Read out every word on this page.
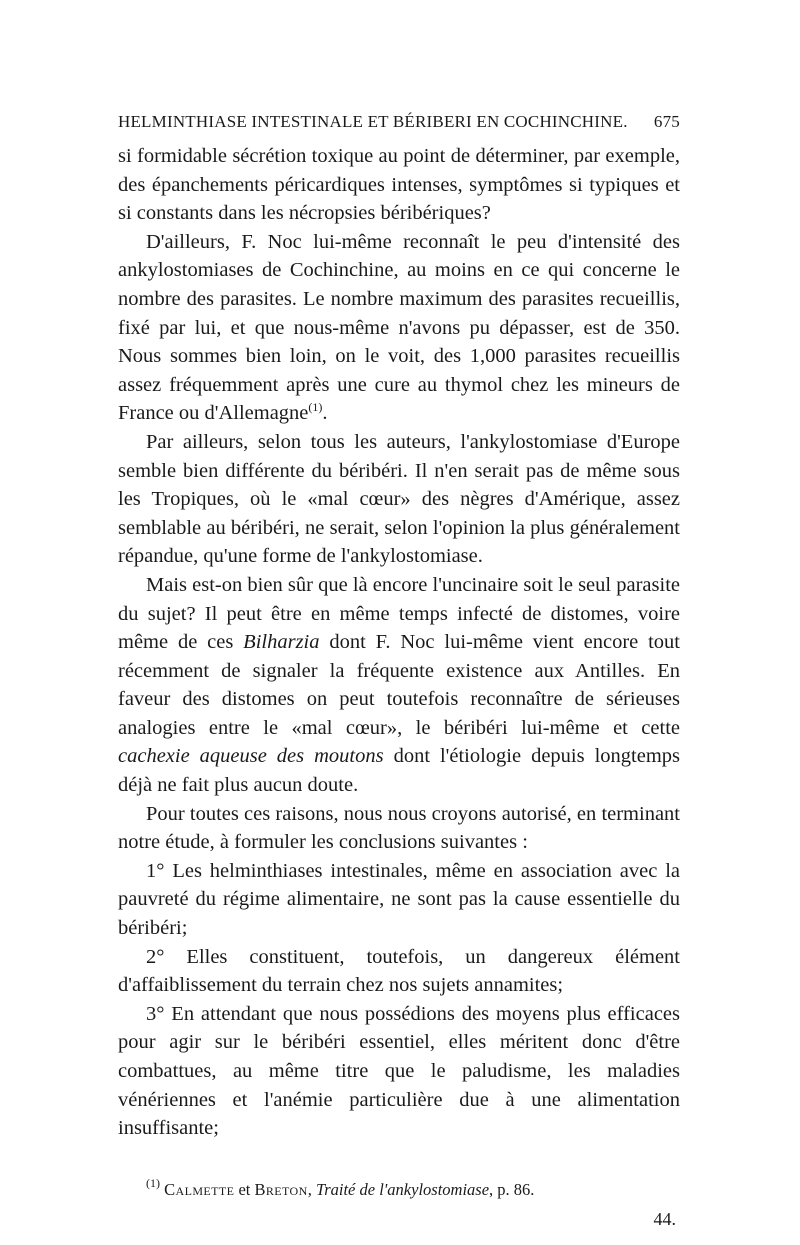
HELMINTHIASE INTESTINALE ET BÉRIBERI EN COCHINCHINE. 675

si formidable sécrétion toxique au point de déterminer, par exemple, des épanchements péricardiques intenses, symptômes si typiques et si constants dans les nécropsies béribériques?

D'ailleurs, F. Noc lui-même reconnaît le peu d'intensité des ankylostomiases de Cochinchine, au moins en ce qui concerne le nombre des parasites. Le nombre maximum des parasites recueillis, fixé par lui, et que nous-même n'avons pu dépasser, est de 350. Nous sommes bien loin, on le voit, des 1,000 parasites recueillis assez fréquemment après une cure au thymol chez les mineurs de France ou d'Allemagne$^{(1)}$.

Par ailleurs, selon tous les auteurs, l'ankylostomiase d'Europe semble bien différente du béribéri. Il n'en serait pas de même sous les Tropiques, où le «mal cœur» des nègres d'Amérique, assez semblable au béribéri, ne serait, selon l'opinion la plus généralement répandue, qu'une forme de l'ankylostomiase.

Mais est-on bien sûr que là encore l'uncinaire soit le seul parasite du sujet? Il peut être en même temps infecté de distomes, voire même de ces Bilharzia dont F. Noc lui-même vient encore tout récemment de signaler la fréquente existence aux Antilles. En faveur des distomes on peut toutefois reconnaître de sérieuses analogies entre le «mal cœur», le béribéri lui-même et cette cachexie aqueuse des moutons dont l'étiologie depuis longtemps déjà ne fait plus aucun doute.

Pour toutes ces raisons, nous nous croyons autorisé, en terminant notre étude, à formuler les conclusions suivantes :

1° Les helminthiases intestinales, même en association avec la pauvreté du régime alimentaire, ne sont pas la cause essentielle du béribéri;

2° Elles constituent, toutefois, un dangereux élément d'affaiblissement du terrain chez nos sujets annamites;

3° En attendant que nous possédions des moyens plus efficaces pour agir sur le béribéri essentiel, elles méritent donc d'être combattues, au même titre que le paludisme, les maladies vénériennes et l'anémie particulière due à une alimentation insuffisante;

$^{(1)}$ Calmette et Breton, Traité de l'ankylostomiase, p. 86.
44.
